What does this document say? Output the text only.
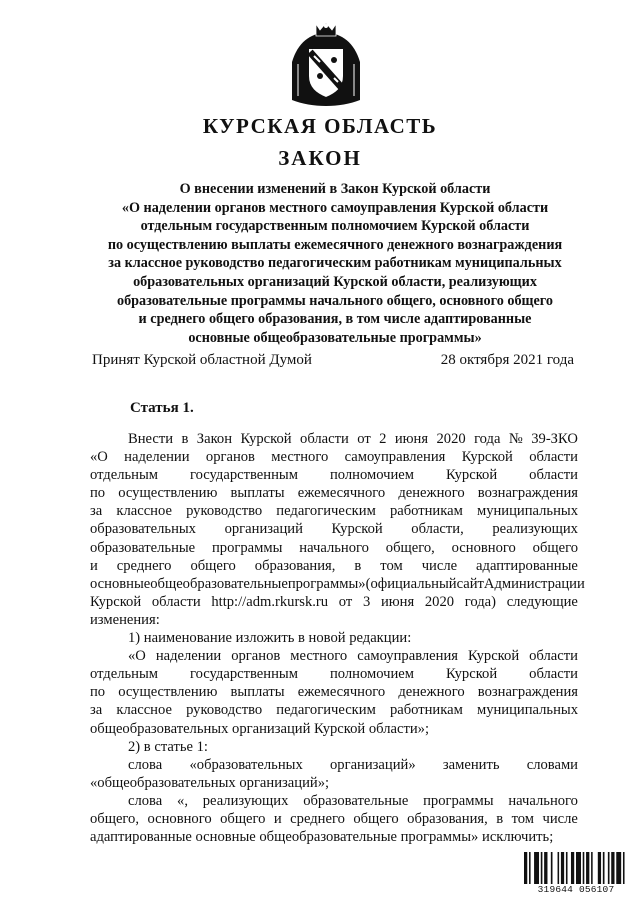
КУРСКАЯ ОБЛАСТЬ
ЗАКОН
О внесении изменений в Закон Курской области
«О наделении органов местного самоуправления Курской области
отдельным государственным полномочием Курской области
по осуществлению выплаты ежемесячного денежного вознаграждения
за классное руководство педагогическим работникам муниципальных
образовательных организаций Курской области, реализующих
образовательные программы начального общего, основного общего
и среднего общего образования, в том числе адаптированные
основные общеобразовательные программы»
Принят Курской областной Думой	28 октября 2021 года
Статья 1.
Внести в Закон Курской области от 2 июня 2020 года № 39-ЗКО
«О наделении органов местного самоуправления Курской области
отдельным государственным полномочием Курской области
по осуществлению выплаты ежемесячного денежного вознаграждения
за классное руководство педагогическим работникам муниципальных
образовательных организаций Курской области, реализующих
образовательные программы начального общего, основного общего
и среднего общего образования, в том числе адаптированные
основные общеобразовательные программы» (официальный сайт Администрации
Курской области http://adm.rkursk.ru от 3 июня 2020 года) следующие
изменения:
1) наименование изложить в новой редакции:
«О наделении органов местного самоуправления Курской области
отдельным государственным полномочием Курской области
по осуществлению выплаты ежемесячного денежного вознаграждения
за классное руководство педагогическим работникам муниципальных
общеобразовательных организаций Курской области»;
2) в статье 1:
слова «образовательных организаций» заменить словами
«общеобразовательных организаций»;
слова «, реализующих образовательные программы начального
общего, основного общего и среднего общего образования, в том числе
адаптированные основные общеобразовательные программы» исключить;
319644 056107
